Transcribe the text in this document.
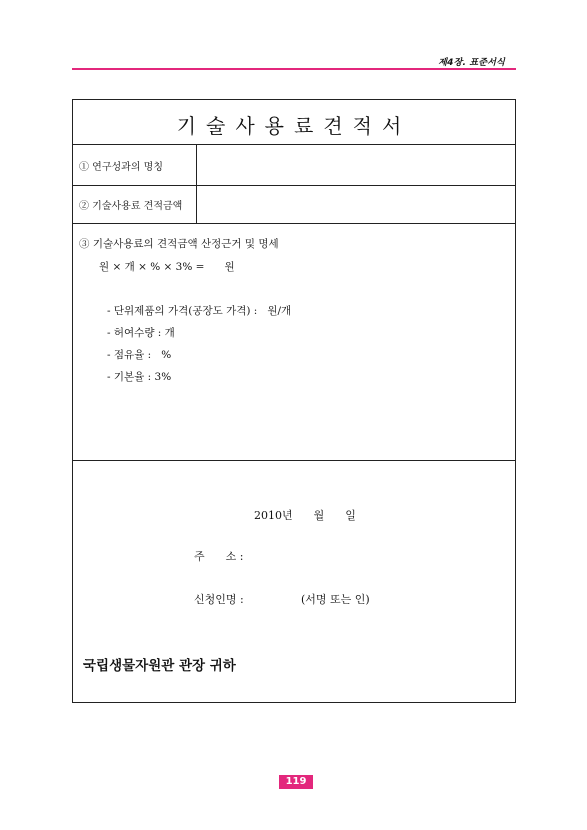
제4장. 표준서식
기술사용료견적서
① 연구성과의 명칭
② 기술사용료 견적금액
③ 기술사용료의 견적금액 산정근거 및 명세
원 × 개 × % × 3% =      원
- 단위제품의 가격(공장도 가격) :   원/개
- 허여수량 : 개
- 점유율 :   %
- 기본율 : 3%
2010년      월      일
주      소 :
신청인명 :	(서명 또는 인)
국립생물자원관 관장 귀하
119
